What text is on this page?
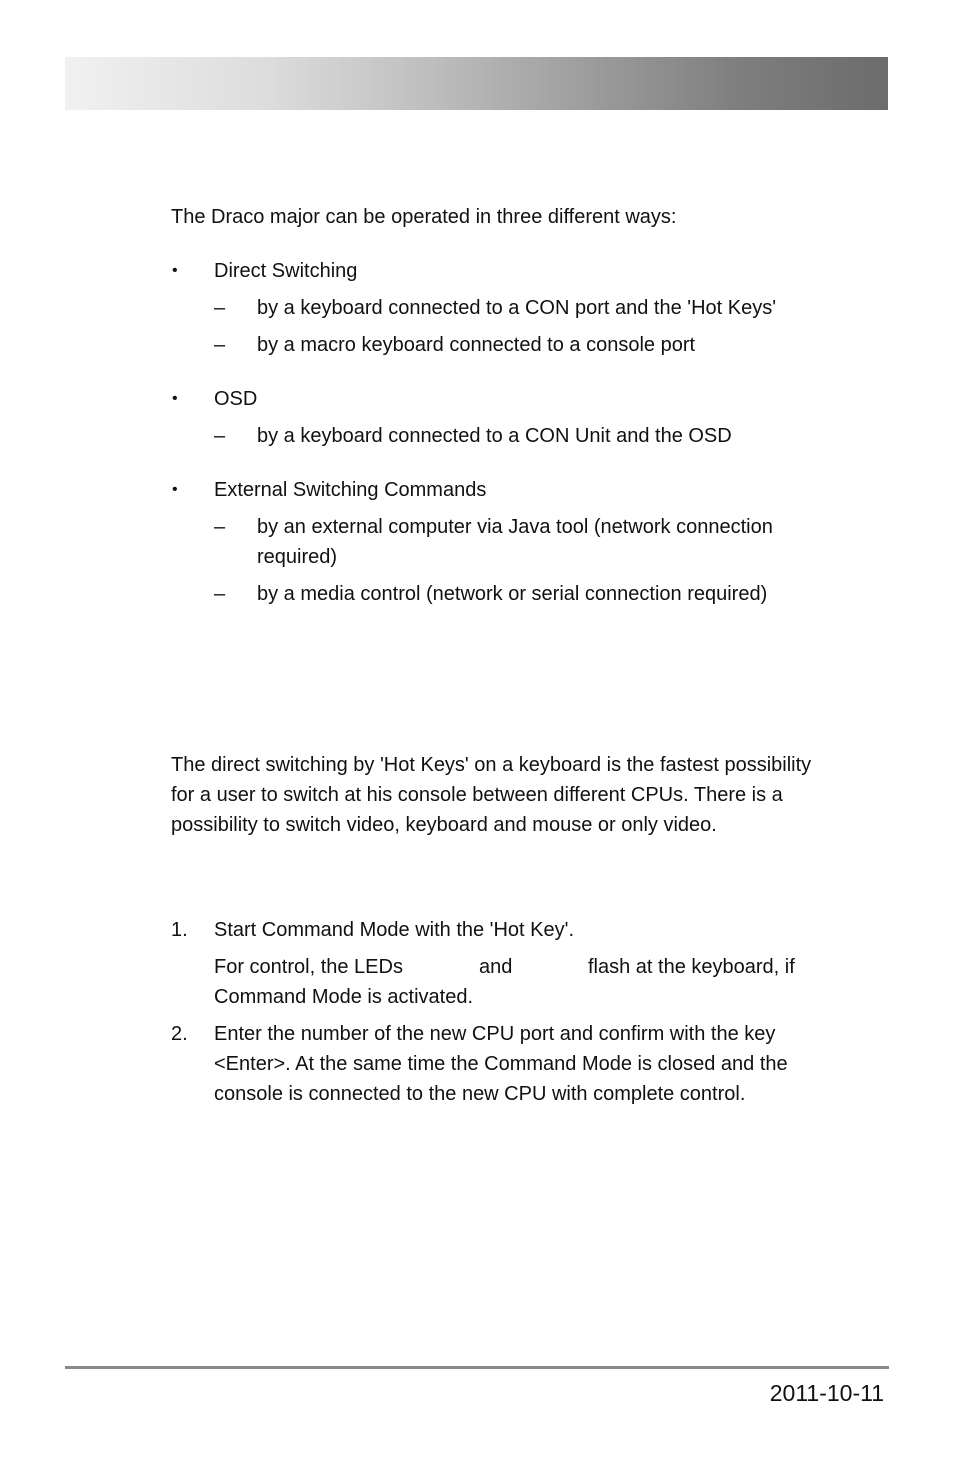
The Draco major can be operated in three different ways:
• Direct Switching
– by a keyboard connected to a CON port and the 'Hot Keys'
– by a macro keyboard connected to a console port
• OSD
– by a keyboard connected to a CON Unit and the OSD
• External Switching Commands
– by an external computer via Java tool (network connection
required)
– by a media control (network or serial connection required)
The direct switching by 'Hot Keys' on a keyboard is the fastest possibility
for a user to switch at his console between different CPUs. There is a
possibility to switch video, keyboard and mouse or only video.
1. Start Command Mode with the 'Hot Key'.
For control, the LEDs	and	flash at the keyboard, if
Command Mode is activated.
2. Enter the number of the new CPU port and confirm with the key
<Enter>. At the same time the Command Mode is closed and the
console is connected to the new CPU with complete control.
2011-10-11
